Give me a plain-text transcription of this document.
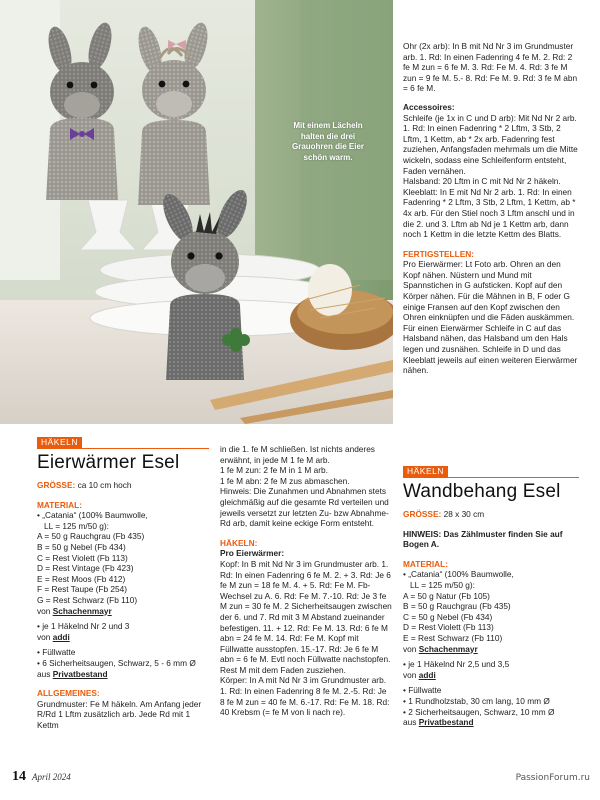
Mit einem Lächeln halten die drei Grauohren die Eier schön warm.

Ohr (2x arb): In B mit Nd Nr 3 im Grundmuster arb. 1. Rd: In einen Fadenring 4 fe M. 2. Rd: 2 fe M zun = 6 fe M. 3. Rd: Fe M. 4. Rd: 3 fe M zun = 9 fe M. 5.- 8. Rd: Fe M. 9. Rd: 3 fe M abn = 6 fe M.

Accessoires:

Schleife (je 1x in C und D arb): Mit Nd Nr 2 arb. 1. Rd: In einen Fadenring * 2 Lftm, 3 Stb, 2 Lftm, 1 Kettm, ab * 2x arb. Fadenring fest zuziehen, Anfangsfaden mehrmals um die Mitte wickeln, sodass eine Schleifenform entsteht, Faden vernähen.

Halsband: 20 Lftm in C mit Nd Nr 2 häkeln.

Kleeblatt: In E mit Nd Nr 2 arb. 1. Rd: In einen Fadenring * 2 Lftm, 3 Stb, 2 Lftm, 1 Kettm, ab * 4x arb. Für den Stiel noch 3 Lftm anschl und in die 2. und 3. Lftm ab Nd je 1 Kettm arb, dann noch 1 Kettm in die letzte Kettm des Blatts.

FERTIGSTELLEN:

Pro Eierwärmer: Lt Foto arb. Ohren an den Kopf nähen. Nüstern und Mund mit Spannstichen in G aufsticken. Kopf auf den Körper nähen. Für die Mähnen in B, F oder G einige Fransen auf den Kopf zwischen den Ohren einknüpfen und die Fäden auskämmen.

Für einen Eierwärmer Schleife in C auf das Halsband nähen, das Halsband um den Hals legen und zusnähen. Schleife in D und das Kleeblatt jeweils auf einen weiteren Eierwärmer nähen.

HÄKELN
Eierwärmer Esel

GRÖSSE: ca 10 cm hoch

MATERIAL:

• „Catania“ (100% Baumwolle,

LL = 125 m/50 g):

A = 50 g Rauchgrau (Fb 435)

B = 50 g Nebel (Fb 434)

C = Rest Violett (Fb 113)

D = Rest Vintage (Fb 423)

E = Rest Moos (Fb 412)

F = Rest Taupe (Fb 254)

G = Rest Schwarz (Fb 110)

von Schachenmayr

• je 1 Häkelnd Nr 2 und 3

von addi

• Füllwatte

• 6 Sicherheitsaugen, Schwarz, 5 - 6 mm Ø

aus Privatbestand

ALLGEMEINES:

Grundmuster: Fe M häkeln. Am Anfang jeder R/Rd 1 Lftm zusätzlich arb. Jede Rd mit 1 Kettm

in die 1. fe M schließen. Ist nichts anderes erwähnt, in jede M 1 fe M arb.

1 fe M zun: 2 fe M in 1 M arb.

1 fe M abn: 2 fe M zus abmaschen.

Hinweis: Die Zunahmen und Abnahmen stets gleichmäßig auf die gesamte Rd verteilen und jeweils versetzt zur letzten Zu- bzw Abnahme-Rd arb, damit keine eckige Form entsteht.

HÄKELN:

Pro Eierwärmer:

Kopf: In B mit Nd Nr 3 im Grundmuster arb. 1. Rd: In einen Fadenring 6 fe M. 2. + 3. Rd: Je 6 fe M zun = 18 fe M. 4. + 5. Rd: Fe M. Fb-Wechsel zu A. 6. Rd: Fe M. 7.-10. Rd: Je 3 fe M zun = 30 fe M. 2 Sicherheitsaugen zwischen der 6. und 7. Rd mit 3 M Abstand zueinander befestigen. 11. + 12. Rd: Fe M. 13. Rd: 6 fe M abn = 24 fe M. 14. Rd: Fe M. Kopf mit Füllwatte ausstopfen. 15.-17. Rd: Je 6 fe M abn = 6 fe M. Evtl noch Füllwatte nachstopfen. Rest M mit dem Faden zusziehen.

Körper: In A mit Nd Nr 3 im Grundmuster arb. 1. Rd: In einen Fadenring 8 fe M. 2.-5. Rd: Je 8 fe M zun = 40 fe M. 6.-17. Rd: Fe M. 18. Rd: 40 Krebsm (= fe M von li nach re).

HÄKELN
Wandbehang Esel

GRÖSSE: 28 x 30 cm

HINWEIS: Das Zählmuster finden Sie auf Bogen A.

MATERIAL:

• „Catania“ (100% Baumwolle,

LL = 125 m/50 g):

A = 50 g Natur (Fb 105)

B = 50 g Rauchgrau (Fb 435)

C = 50 g Nebel (Fb 434)

D = Rest Violett (Fb 113)

E = Rest Schwarz (Fb 110)

von Schachenmayr

• je 1 Häkelnd Nr 2,5 und 3,5

von addi

• Füllwatte

• 1 Rundholzstab, 30 cm lang, 10 mm Ø

• 2 Sicherheitsaugen, Schwarz, 10 mm Ø

aus Privatbestand

14 April 2024	PassionForum.ru
